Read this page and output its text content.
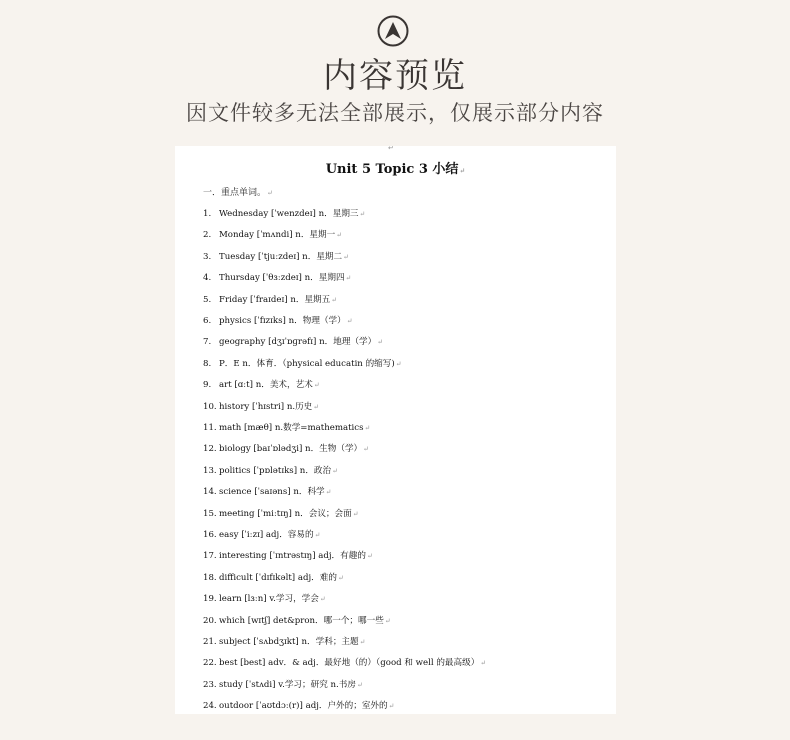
内容预览
因文件较多无法全部展示，仅展示部分内容
↵
Unit 5 Topic 3 小结↵
一．重点单词。↵
1. Wednesday [ˈwenzdeɪ] n．星期三↵
2. Monday [ˈmʌndi] n．星期一↵
3. Tuesday [ˈtjuːzdeɪ] n．星期二↵
4. Thursday [ˈθɜːzdeɪ] n．星期四↵
5. Friday [ˈfraɪdeɪ] n．星期五↵
6. physics [ˈfɪzɪks] n．物理（学）↵
7. geography [dʒɪˈɒɡrəfɪ] n．地理（学）↵
8. P．E n．体育．（physical educatin 的缩写)↵
9. art [ɑːt] n．美术，艺术↵
10. history [ˈhɪstri] n.历史↵
11. math [mæθ] n.数学=mathematics↵
12. biology [baɪˈɒlədʒi] n．生物（学）↵
13. politics [ˈpɒlətɪks] n．政治↵
14. science [ˈsaɪəns] n．科学↵
15. meeting [ˈmiːtɪŋ] n．会议；会面↵
16. easy [ˈiːzɪ] adj．容易的↵
17. interesting [ˈɪntrəstɪŋ] adj．有趣的↵
18. difficult [ˈdɪfɪkəlt] adj．难的↵
19. learn [lɜːn] v.学习，学会↵
20. which [wɪtʃ] det&pron．哪一个；哪一些↵
21. subject [ˈsʌbdʒɪkt] n．学科；主题↵
22. best [best] adv．& adj．最好地（的）（good 和 well 的最高级）↵
23. study [ˈstʌdi] v.学习；研究 n.书房↵
24. outdoor [ˈaʊtdɔː(r)] adj．户外的；室外的↵
